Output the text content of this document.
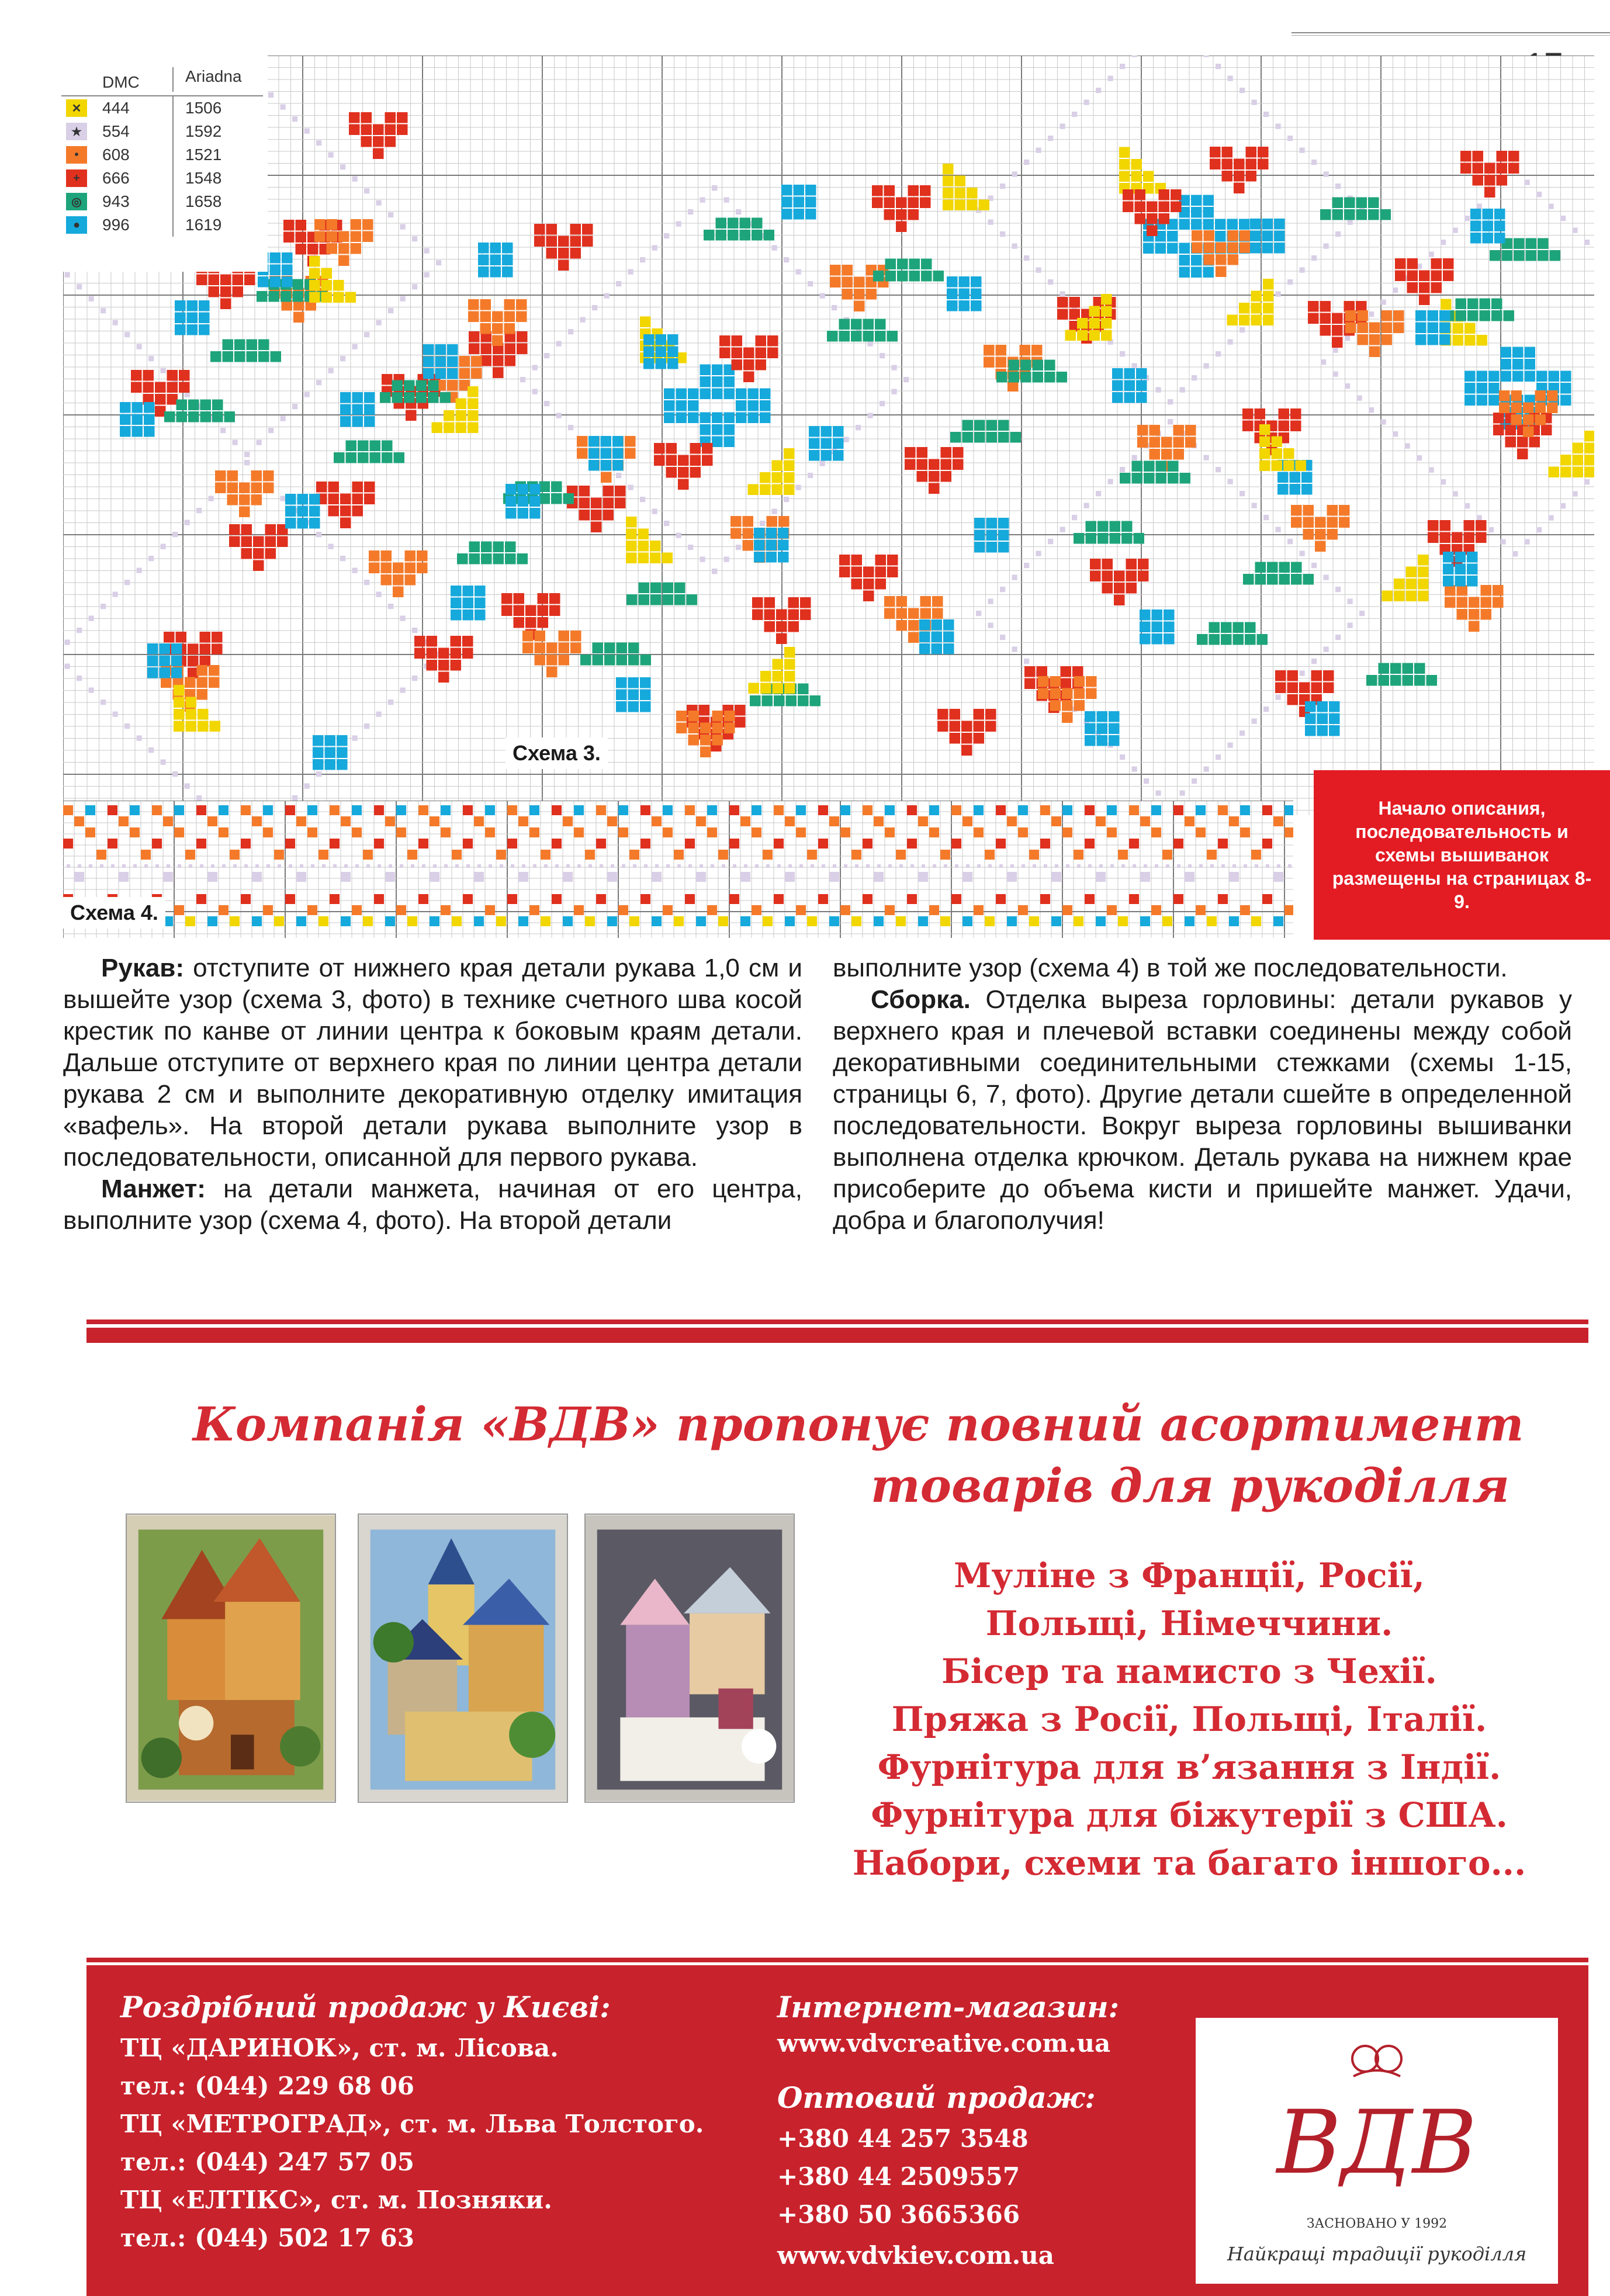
DMC	Ariadna
✕	444	1506
★	554	1592
•	608	1521
+	666	1548
◎	943	1658
●	996	1619
Схема 3.
Схема 4.
Начало описания, последовательность и схемы вышиванок размещены на страницах 8-9.

Рукав: отступите от нижнего края детали рукава 1,0 см и вышейте узор (схема 3, фото) в технике счетного шва косой крестик по канве от линии центра к боковым краям детали. Дальше отступите от верхнего края по линии центра детали рукава 2 см и выполните декоративную отделку имитация «вафель». На второй детали рукава выполните узор в последовательности, описанной для первого рукава.

Манжет: на детали манжета, начиная от его центра, выполните узор (схема 4, фото). На второй детали

выполните узор (схема 4) в той же последовательности.

Сборка. Отделка выреза горловины: детали рукавов у верхнего края и плечевой вставки соединены между собой декоративными соединительными стежками (схемы 1-15, страницы 6, 7, фото). Другие детали сшейте в определенной последовательности. Вокруг выреза горловины вышиванки выполнена отделка крючком. Деталь рукава на нижнем крае присоберите до объема кисти и пришейте манжет. Удачи, добра и благополучия!

Компанія «ВДВ» пропонує повний асортимент
товарів для рукоділля
Муліне з Франції, Росії,
Польщі, Німеччини.
Бісер та намисто з Чехії.
Пряжа з Росії, Польщі, Італії.
Фурнітура для в’язання з Індії.
Фурнітура для біжутерії з США.
Набори, схеми та багато іншого...
Роздрібний продаж у Києві:
ТЦ «ДАРИНОК», ст. м. Лісова.
тел.: (044) 229 68 06
ТЦ «МЕТРОГРАД», ст. м. Льва Толстого.
тел.: (044) 247 57 05
ТЦ «ЕЛТІКС», ст. м. Позняки.
тел.: (044) 502 17 63
Інтернет-магазин:
www.vdvcreative.com.ua
Оптовий продаж:
+380 44 257 3548
+380 44 2509557
+380 50 3665366
www.vdvkiev.com.ua
ВДВ
ЗАСНОВАНО У 1992
Найкращі традиції рукоділля
